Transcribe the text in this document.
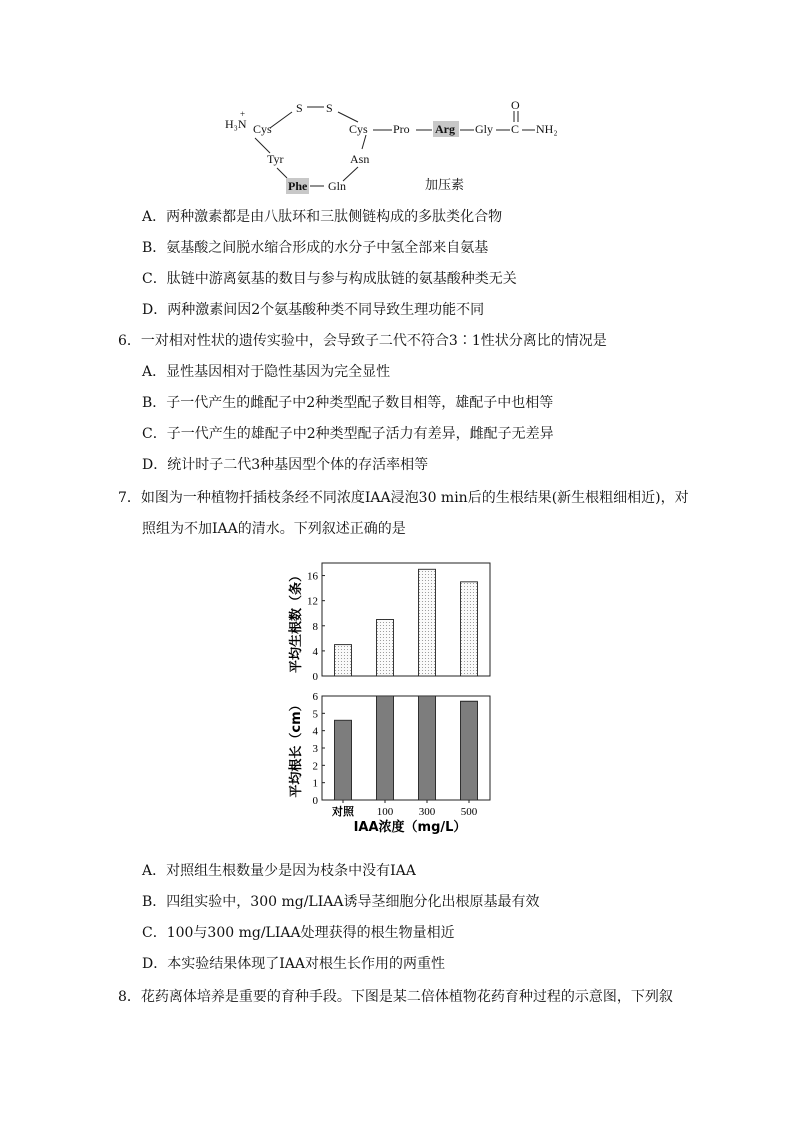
H₃N
+	S S
Cys	Cys
Tyr	Asn
Phe Gln
Pro Arg Gly C
O
NH₂
加压素
A．两种激素都是由八肽环和三肽侧链构成的多肽类化合物
B．氨基酸之间脱水缩合形成的水分子中氢全部来自氨基
C．肽链中游离氨基的数目与参与构成肽链的氨基酸种类无关
D．两种激素间因2个氨基酸种类不同导致生理功能不同
6．一对相对性状的遗传实验中，会导致子二代不符合3∶1性状分离比的情况是
A．显性基因相对于隐性基因为完全显性
B．子一代产生的雌配子中2种类型配子数目相等，雄配子中也相等
C．子一代产生的雄配子中2种类型配子活力有差异，雌配子无差异
D．统计时子二代3种基因型个体的存活率相等
7．如图为一种植物扦插枝条经不同浓度IAA浸泡30 min后的生根结果(新生根粗细相近)，对
照组为不加IAA的清水。下列叙述正确的是
0
4
8
12
16
0
1
2
3
4
5
6
对照 100 300 500
平均生根数（条）
平均根长（cm）
IAA浓度（mg/L）
A．对照组生根数量少是因为枝条中没有IAA
B．四组实验中，300 mg/LIAA诱导茎细胞分化出根原基最有效
C．100与300 mg/LIAA处理获得的根生物量相近
D．本实验结果体现了IAA对根生长作用的两重性
8．花药离体培养是重要的育种手段。下图是某二倍体植物花药育种过程的示意图，下列叙
